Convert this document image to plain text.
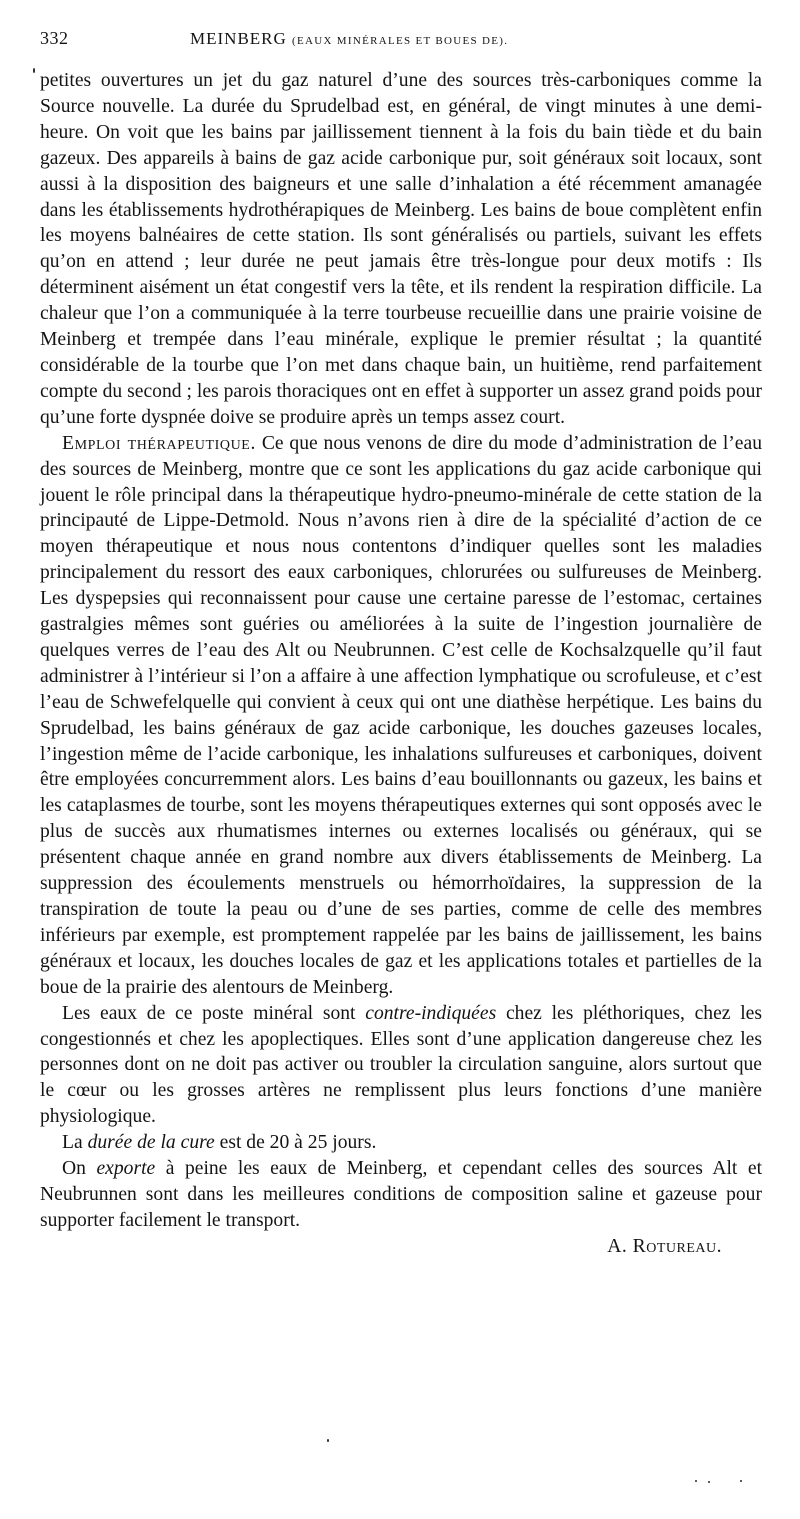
332	MEINBERG (EAUX MINÉRALES ET BOUES DE).

petites ouvertures un jet du gaz naturel d’une des sources très-carboniques comme la Source nouvelle. La durée du Sprudelbad est, en général, de vingt minutes à une demi-heure. On voit que les bains par jaillissement tiennent à la fois du bain tiède et du bain gazeux. Des appareils à bains de gaz acide carbonique pur, soit généraux soit locaux, sont aussi à la disposition des baigneurs et une salle d’inhalation a été récemment amanagée dans les établissements hydrothérapiques de Meinberg. Les bains de boue complètent enfin les moyens balnéaires de cette station. Ils sont généralisés ou partiels, suivant les effets qu’on en attend ; leur durée ne peut jamais être très-longue pour deux motifs : Ils déterminent aisément un état congestif vers la tête, et ils rendent la respiration difficile. La chaleur que l’on a communiquée à la terre tourbeuse recueillie dans une prairie voisine de Meinberg et trempée dans l’eau minérale, explique le premier résultat ; la quantité considérable de la tourbe que l’on met dans chaque bain, un huitième, rend parfaitement compte du second ; les parois thoraciques ont en effet à supporter un assez grand poids pour qu’une forte dyspnée doive se produire après un temps assez court.

Emploi thérapeutique. Ce que nous venons de dire du mode d’administration de l’eau des sources de Meinberg, montre que ce sont les applications du gaz acide carbonique qui jouent le rôle principal dans la thérapeutique hydro-pneumo-minérale de cette station de la principauté de Lippe-Detmold. Nous n’avons rien à dire de la spécialité d’action de ce moyen thérapeutique et nous nous contentons d’indiquer quelles sont les maladies principalement du ressort des eaux carboniques, chlorurées ou sulfureuses de Meinberg. Les dyspepsies qui reconnaissent pour cause une certaine paresse de l’estomac, certaines gastralgies mêmes sont guéries ou améliorées à la suite de l’ingestion journalière de quelques verres de l’eau des Alt ou Neubrunnen. C’est celle de Kochsalzquelle qu’il faut administrer à l’intérieur si l’on a affaire à une affection lymphatique ou scrofuleuse, et c’est l’eau de Schwefelquelle qui convient à ceux qui ont une diathèse herpétique. Les bains du Sprudelbad, les bains généraux de gaz acide carbonique, les douches gazeuses locales, l’ingestion même de l’acide carbonique, les inhalations sulfureuses et carboniques, doivent être employées concurremment alors. Les bains d’eau bouillonnants ou gazeux, les bains et les cataplasmes de tourbe, sont les moyens thérapeutiques externes qui sont opposés avec le plus de succès aux rhumatismes internes ou externes localisés ou généraux, qui se présentent chaque année en grand nombre aux divers établissements de Meinberg. La suppression des écoulements menstruels ou hémorrhoïdaires, la suppression de la transpiration de toute la peau ou d’une de ses parties, comme de celle des membres inférieurs par exemple, est promptement rappelée par les bains de jaillissement, les bains généraux et locaux, les douches locales de gaz et les applications totales et partielles de la boue de la prairie des alentours de Meinberg.

Les eaux de ce poste minéral sont contre-indiquées chez les pléthoriques, chez les congestionnés et chez les apoplectiques. Elles sont d’une application dangereuse chez les personnes dont on ne doit pas activer ou troubler la circulation sanguine, alors surtout que le cœur ou les grosses artères ne remplissent plus leurs fonctions d’une manière physiologique.

La durée de la cure est de 20 à 25 jours.

On exporte à peine les eaux de Meinberg, et cependant celles des sources Alt et Neubrunnen sont dans les meilleures conditions de composition saline et gazeuse pour supporter facilement le transport.

A. Rotureau.
